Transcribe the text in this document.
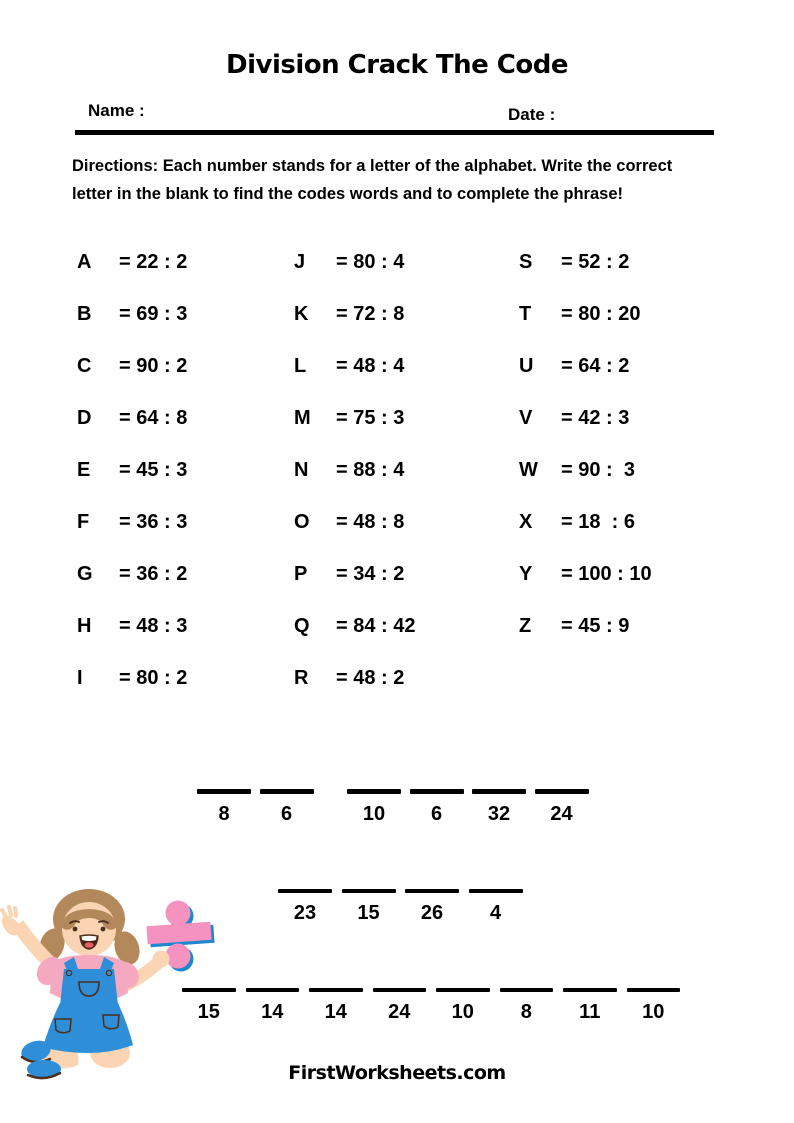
Division Crack The Code
Name :	Date :
Directions: Each number stands for a letter of the alphabet. Write the correct
letter in the blank to find the codes words and to complete the phrase!
A	= 22 : 2
B	= 69 : 3
C	= 90 : 2
D	= 64 : 8
E	= 45 : 3
F	= 36 : 3
G	= 36 : 2
H	= 48 : 3
I	= 80 : 2
J	= 80 : 4
K	= 72 : 8
L	= 48 : 4
M	= 75 : 3
N	= 88 : 4
O	= 48 : 8
P	= 34 : 2
Q	= 84 : 42
R	= 48 : 2
S	= 52 : 2
T	= 80 : 20
U	= 64 : 2
V	= 42 : 3
W	= 90 :  3
X	= 18  : 6
Y	= 100 : 10
Z	= 45 : 9
8	6	10	6	32	24
23	15	26	4
15	14	14	24	10	8	11	10
FirstWorksheets.com
